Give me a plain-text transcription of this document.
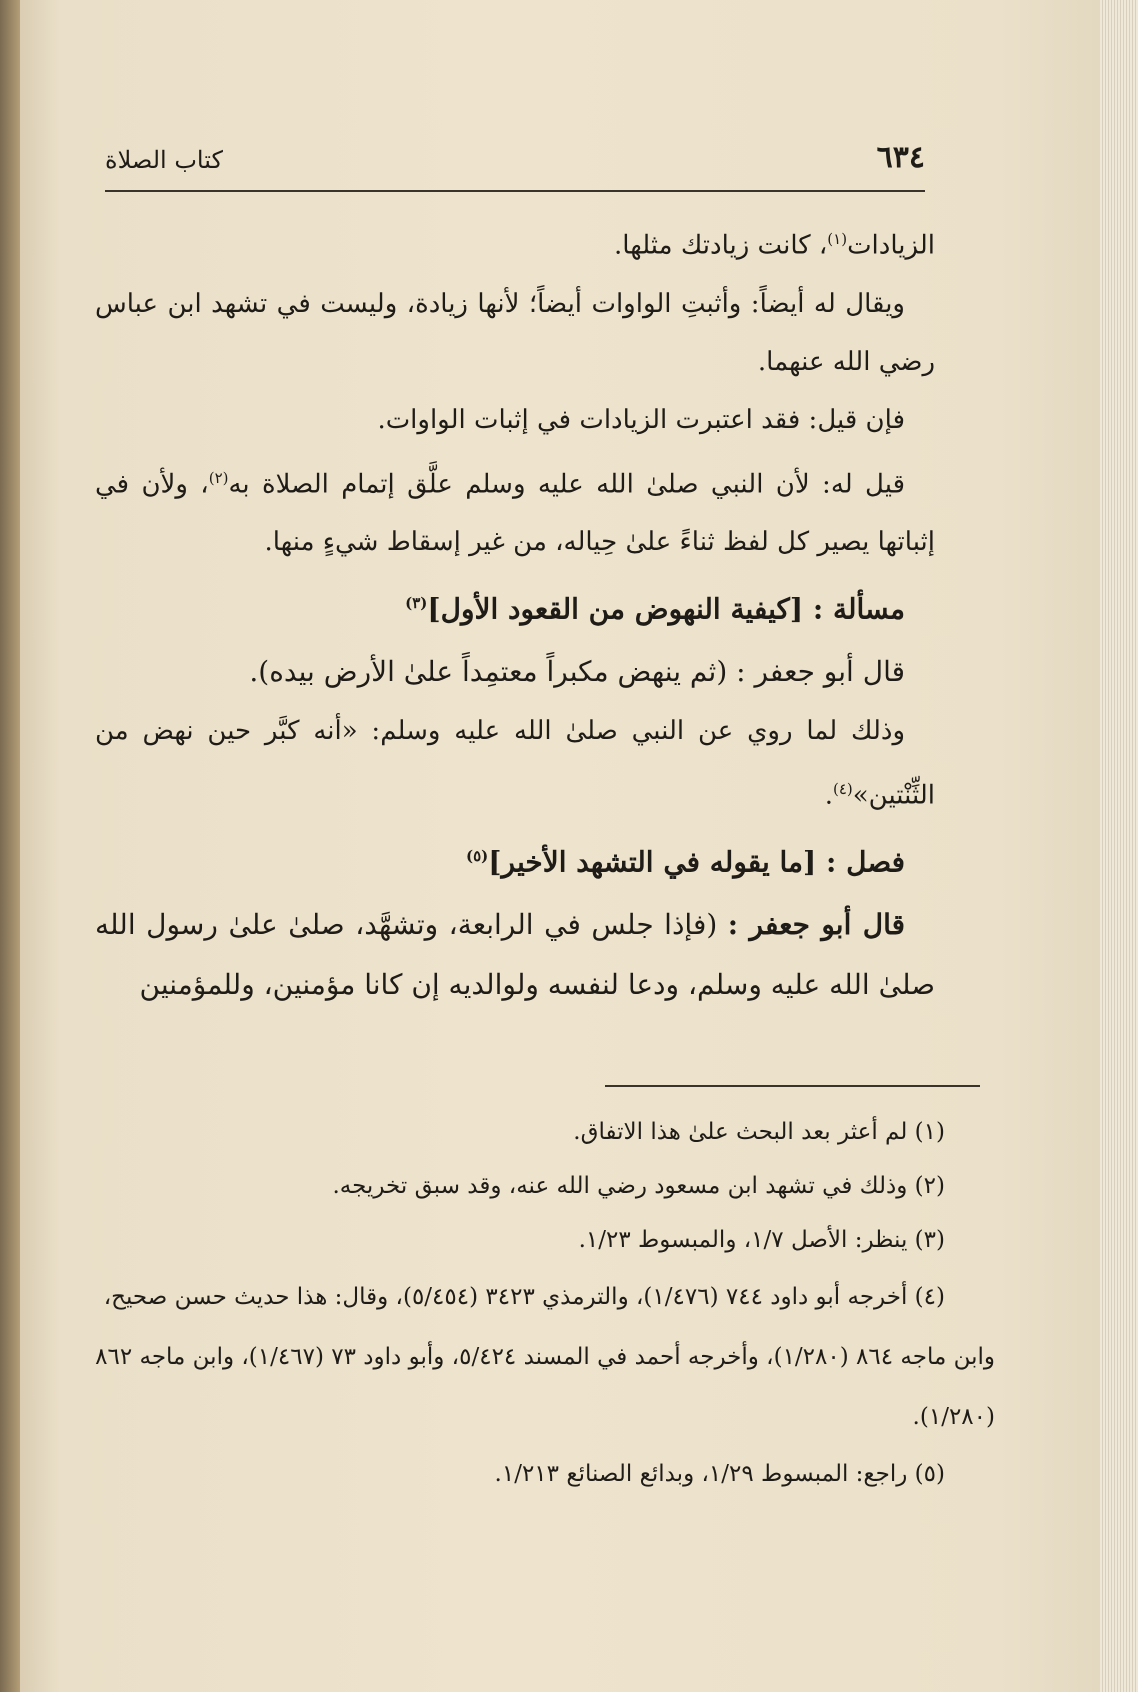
٦٣٤
كتاب الصلاة

الزيادات$^{(١)}$، كانت زيادتك مثلها.

ويقال له أيضاً: وأثبتِ الواوات أيضاً؛ لأنها زيادة، وليست في تشهد ابن عباس رضي الله عنهما.

فإن قيل: فقد اعتبرت الزيادات في إثبات الواوات.

قيل له: لأن النبي صلىٰ الله عليه وسلم علَّق إتمام الصلاة به$^{(٢)}$، ولأن في إثباتها يصير كل لفظ ثناءً علىٰ حِياله، من غير إسقاط شيءٍ منها.

مسألة : [كيفية النهوض من القعود الأول]$^{(٣)}$

قال أبو جعفر : (ثم ينهض مكبراً معتمِداً علىٰ الأرض بيده).

وذلك لما روي عن النبي صلىٰ الله عليه وسلم: «أنه كبَّر حين نهض من الثِّنْتين»$^{(٤)}$.

فصل : [ما يقوله في التشهد الأخير]$^{(٥)}$

قال أبو جعفر : (فإذا جلس في الرابعة، وتشهَّد، صلىٰ علىٰ رسول الله صلىٰ الله عليه وسلم، ودعا لنفسه ولوالديه إن كانا مؤمنين، وللمؤمنين

(١) لم أعثر بعد البحث علىٰ هذا الاتفاق.

(٢) وذلك في تشهد ابن مسعود رضي الله عنه، وقد سبق تخريجه.

(٣) ينظر: الأصل ١/٧، والمبسوط ١/٢٣.

(٤) أخرجه أبو داود ٧٤٤ (١/٤٧٦)، والترمذي ٣٤٢٣ (٥/٤٥٤)، وقال: هذا حديث حسن صحيح، وابن ماجه ٨٦٤ (١/٢٨٠)، وأخرجه أحمد في المسند ٥/٤٢٤، وأبو داود ٧٣ (١/٤٦٧)، وابن ماجه ٨٦٢ (١/٢٨٠).

(٥) راجع: المبسوط ١/٢٩، وبدائع الصنائع ١/٢١٣.
